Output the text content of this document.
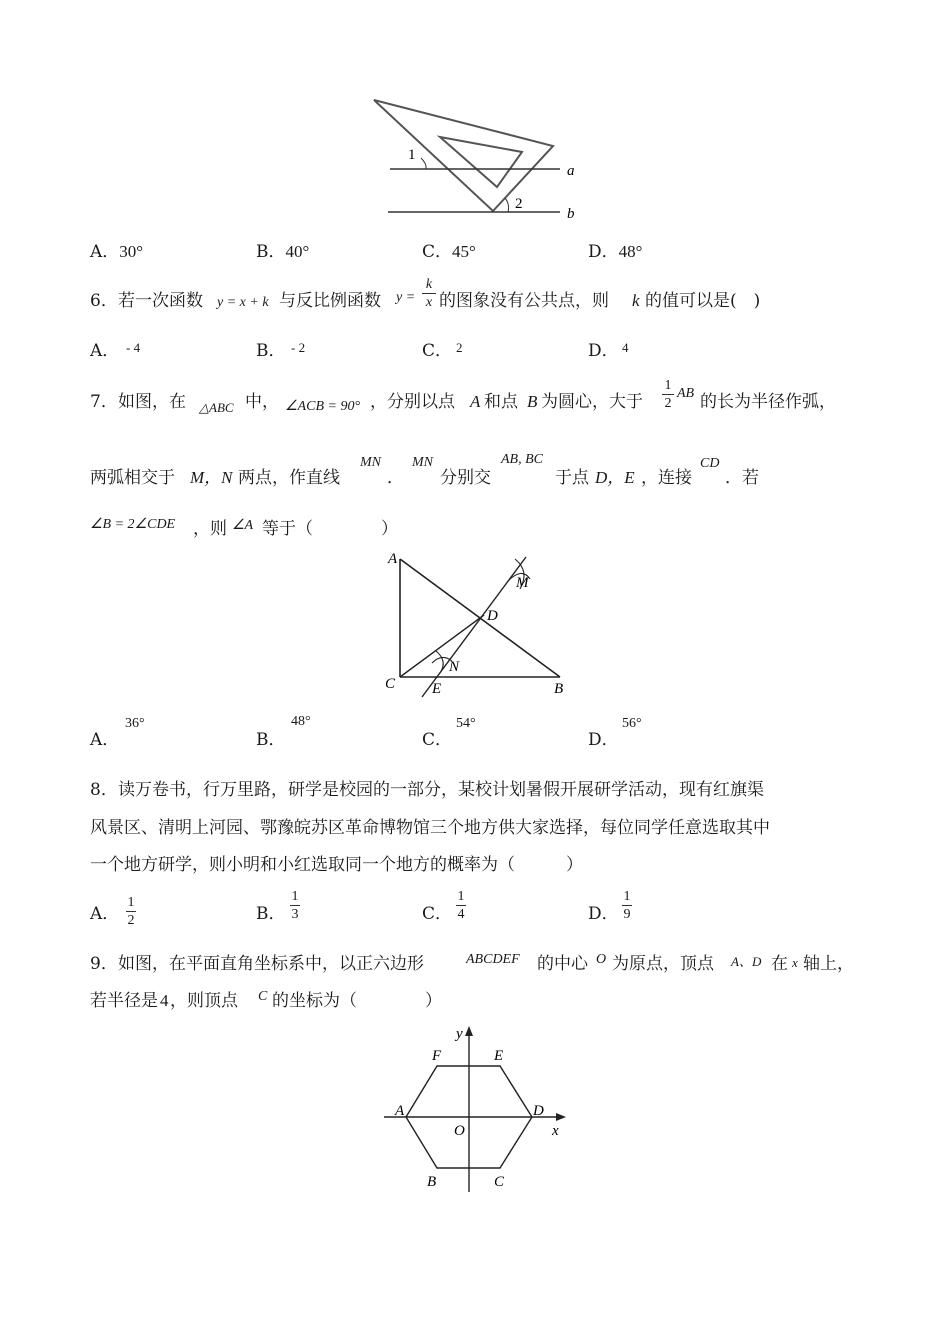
1
2
a
b
A．30°	B．40°	C．45°	D．48°
6． 若一次函数 y = x + k 与反比例函数 y =
k
x 的图象没有公共点，则 k 的值可以是(　)
A． - 4	B． - 2	C． 2	D． 4
7． 如图，在 △ABC 中， ∠ACB = 90° ，分别以点 A 和点 B 为圆心，大于
1
2
AB 的长为半径作弧，
两弧相交于 M，N 两点，作直线
MN
．
MN
分别交
AB, BC
于点 D，E ，连接
CD
．若
∠B = 2∠CDE ，则 ∠A 等于（　　　　）
A
C	B
D
E
M
N
A．
36°
B．
48°
C．
54°
D．
56°
8． 读万卷书，行万里路，研学是校园的一部分，某校计划暑假开展研学活动，现有红旗渠
风景区、清明上河园、鄂豫皖苏区革命博物馆三个地方供大家选择，每位同学任意选取其中
一个地方研学，则小明和小红选取同一个地方的概率为（　　　）
A．
1
2	B．
1
3	C．
1
4	D．
1
9
9． 如图，在平面直角坐标系中，以正六边形	ABCDEF 的中心 O 为原点，顶点 A、D 在 x 轴上，
若半径是 4 ，则顶点 C 的坐标为（　　　　）
y
x
F	E
A	D
O
B	C
